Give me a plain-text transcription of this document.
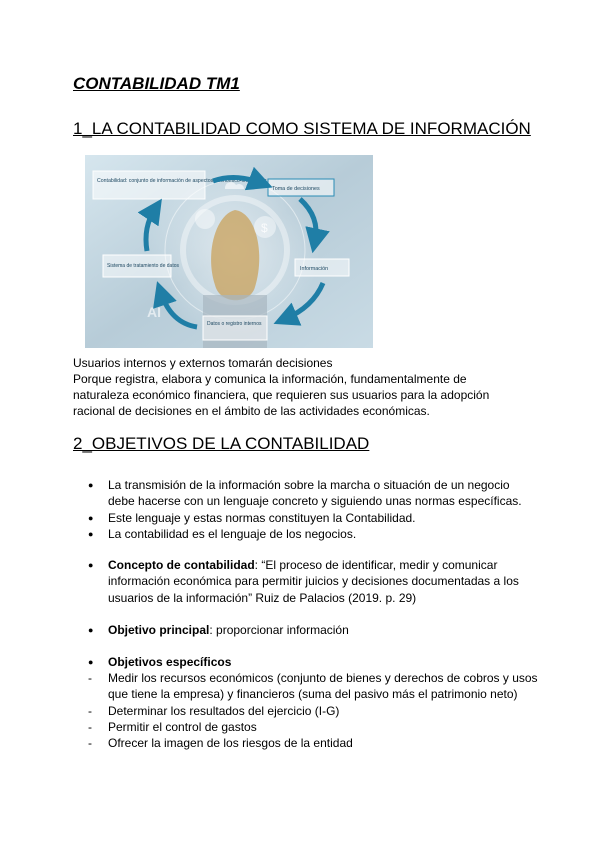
CONTABILIDAD TM1
1_LA CONTABILIDAD COMO SISTEMA DE INFORMACIÓN
$
AI
Contabilidad: conjunto de información de aspectos económico-financieros
Toma de decisiones
Información
Datos o registro internos
Sistema de tratamiento de datos

Usuarios internos y externos tomarán decisiones
Porque registra, elabora y comunica la información, fundamentalmente de
naturaleza económico financiera, que requieren sus usuarios para la adopción
racional de decisiones en el ámbito de las actividades económicas.

2_OBJETIVOS DE LA CONTABILIDAD
● La transmisión de la información sobre la marcha o situación de un negocio debe hacerse con un lenguaje concreto y siguiendo unas normas específicas.
● Este lenguaje y estas normas constituyen la Contabilidad.
● La contabilidad es el lenguaje de los negocios.

● Concepto de contabilidad: “El proceso de identificar, medir y comunicar información económica para permitir juicios y decisiones documentadas a los usuarios de la información” Ruiz de Palacios (2019. p. 29)

● Objetivo principal: proporcionar información

● Objetivos específicos

- Medir los recursos económicos (conjunto de bienes y derechos de cobros y usos que tiene la empresa) y financieros (suma del pasivo más el patrimonio neto)
- Determinar los resultados del ejercicio (I-G)
- Permitir el control de gastos
- Ofrecer la imagen de los riesgos de la entidad
